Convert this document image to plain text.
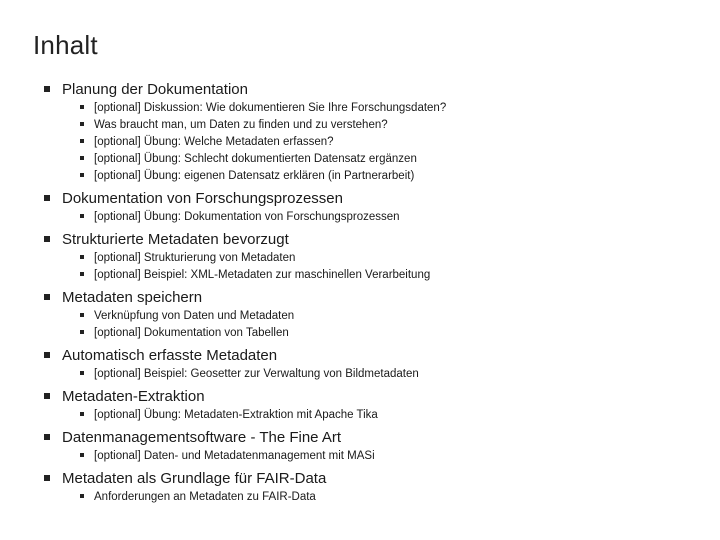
Inhalt
Planung der Dokumentation
[optional] Diskussion: Wie dokumentieren Sie Ihre Forschungsdaten?
Was braucht man, um Daten zu finden und zu verstehen?
[optional] Übung: Welche Metadaten erfassen?
[optional] Übung: Schlecht dokumentierten Datensatz ergänzen
[optional] Übung: eigenen Datensatz erklären (in Partnerarbeit)
Dokumentation von Forschungsprozessen
[optional] Übung: Dokumentation von Forschungsprozessen
Strukturierte Metadaten bevorzugt
[optional] Strukturierung von Metadaten
[optional] Beispiel: XML-Metadaten zur maschinellen Verarbeitung
Metadaten speichern
Verknüpfung von Daten und Metadaten
[optional] Dokumentation von Tabellen
Automatisch erfasste Metadaten
[optional] Beispiel: Geosetter zur Verwaltung von Bildmetadaten
Metadaten-Extraktion
[optional] Übung: Metadaten-Extraktion mit Apache Tika
Datenmanagementsoftware - The Fine Art
[optional] Daten- und Metadatenmanagement mit MASi
Metadaten als Grundlage für FAIR-Data
Anforderungen an Metadaten zu FAIR-Data
